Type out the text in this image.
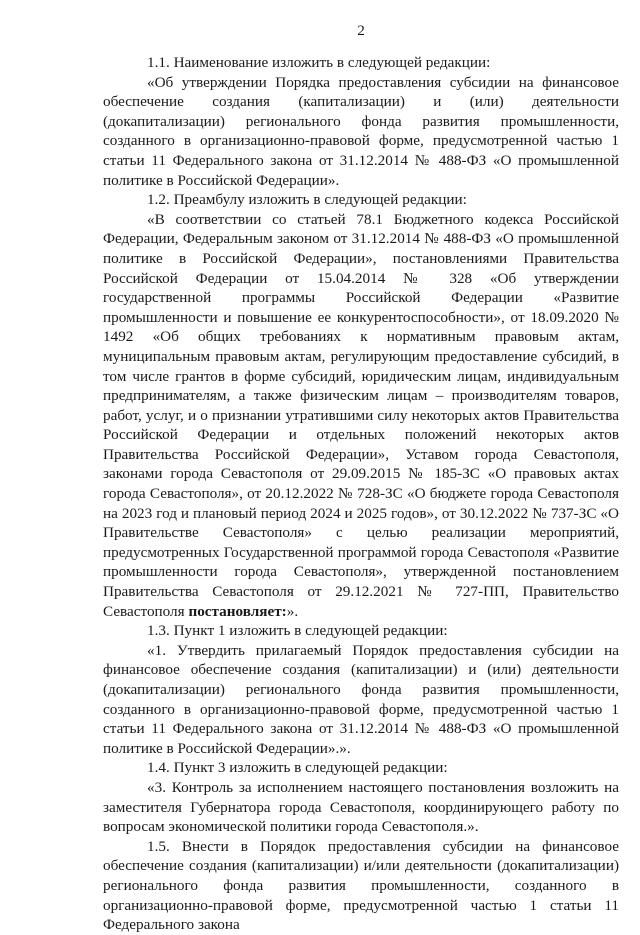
2

1.1. Наименование изложить в следующей редакции:

«Об утверждении Порядка предоставления субсидии на финансовое обеспечение создания (капитализации) и (или) деятельности (докапитализации) регионального фонда развития промышленности, созданного в организационно-правовой форме, предусмотренной частью 1 статьи 11 Федерального закона от 31.12.2014 № 488-ФЗ «О промышленной политике в Российской Федерации».

1.2. Преамбулу изложить в следующей редакции:

«В соответствии со статьей 78.1 Бюджетного кодекса Российской Федерации, Федеральным законом от 31.12.2014 № 488-ФЗ «О промышленной политике в Российской Федерации», постановлениями Правительства Российской Федерации от 15.04.2014 № 328 «Об утверждении государственной программы Российской Федерации «Развитие промышленности и повышение ее конкурентоспособности», от 18.09.2020 № 1492 «Об общих требованиях к нормативным правовым актам, муниципальным правовым актам, регулирующим предоставление субсидий, в том числе грантов в форме субсидий, юридическим лицам, индивидуальным предпринимателям, а также физическим лицам – производителям товаров, работ, услуг, и о признании утратившими силу некоторых актов Правительства Российской Федерации и отдельных положений некоторых актов Правительства Российской Федерации», Уставом города Севастополя, законами города Севастополя от 29.09.2015 № 185-ЗС «О правовых актах города Севастополя», от 20.12.2022 № 728-ЗС «О бюджете города Севастополя на 2023 год и плановый период 2024 и 2025 годов», от 30.12.2022 № 737-ЗС «О Правительстве Севастополя» с целью реализации мероприятий, предусмотренных Государственной программой города Севастополя «Развитие промышленности города Севастополя», утвержденной постановлением Правительства Севастополя от 29.12.2021 № 727-ПП, Правительство Севастополя постановляет:».

1.3. Пункт 1 изложить в следующей редакции:

«1. Утвердить прилагаемый Порядок предоставления субсидии на финансовое обеспечение создания (капитализации) и (или) деятельности (докапитализации) регионального фонда развития промышленности, созданного в организационно-правовой форме, предусмотренной частью 1 статьи 11 Федерального закона от 31.12.2014 № 488-ФЗ «О промышленной политике в Российской Федерации».».

1.4. Пункт 3 изложить в следующей редакции:

«3. Контроль за исполнением настоящего постановления возложить на заместителя Губернатора города Севастополя, координирующего работу по вопросам экономической политики города Севастополя.».

1.5. Внести в Порядок предоставления субсидии на финансовое обеспечение создания (капитализации) и/или деятельности (докапитализации) регионального фонда развития промышленности, созданного в организационно-правовой форме, предусмотренной частью 1 статьи 11 Федерального закона
